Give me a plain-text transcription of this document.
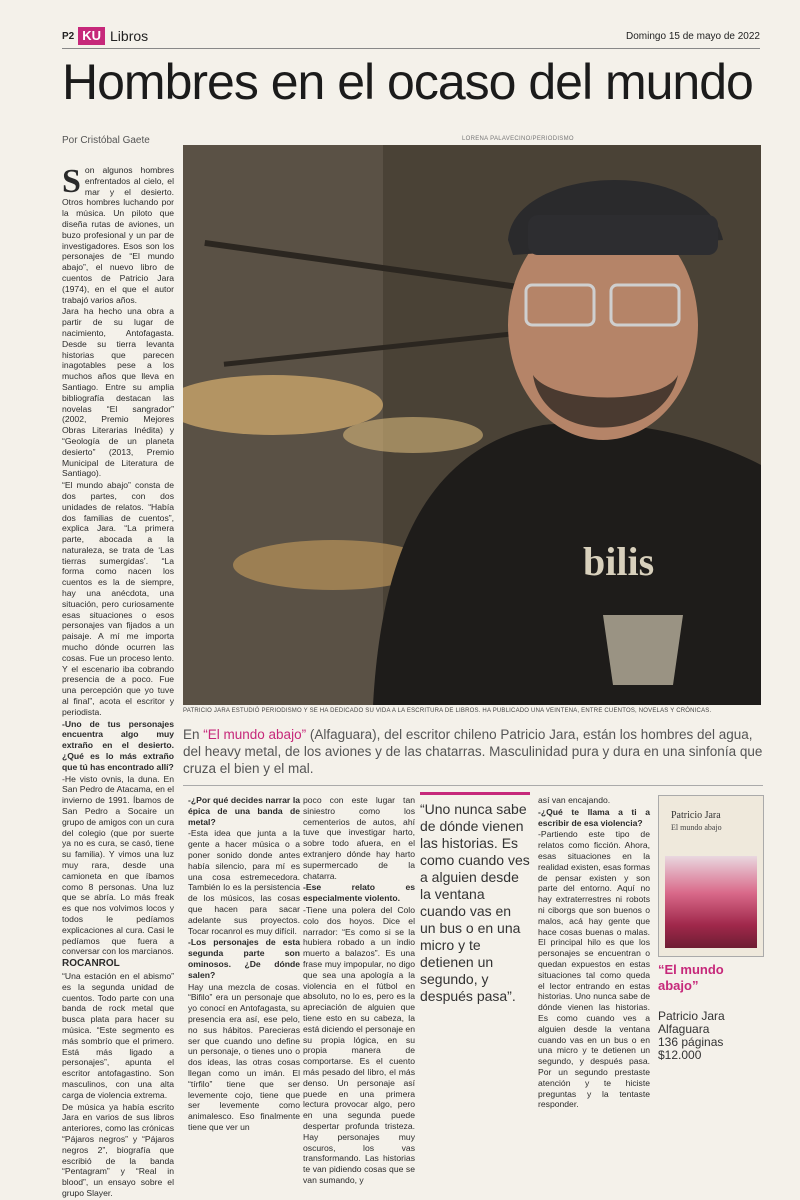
P2 KU Libros	Domingo 15 de mayo de 2022
Hombres en el ocaso del mundo
Por Cristóbal Gaete	LORENA PALAVECINO/PERIODISMO
bilis
PATRICIO JARA ESTUDIÓ PERIODISMO Y SE HA DEDICADO SU VIDA A LA ESCRITURA DE LIBROS. HA PUBLICADO UNA VEINTENA, ENTRE CUENTOS, NOVELAS Y CRÓNICAS.
En “El mundo abajo” (Alfaguara), del escritor chileno Patricio Jara, están los hombres del agua, del heavy metal, de los aviones y de las chatarras. Masculinidad pura y dura en una sinfonía que cruza el bien y el mal.

Son algunos hombres enfrentados al cielo, el mar y el desierto. Otros hombres luchando por la música. Un piloto que diseña rutas de aviones, un buzo profesional y un par de investigadores. Esos son los personajes de “El mundo abajo”, el nuevo libro de cuentos de Patricio Jara (1974), en el que el autor trabajó varios años.

Jara ha hecho una obra a partir de su lugar de nacimiento, Antofagasta. Desde su tierra levanta historias que parecen inagotables pese a los muchos años que lleva en Santiago. Entre su amplia bibliografía destacan las novelas “El sangrador” (2002, Premio Mejores Obras Literarias Inédita) y “Geología de un planeta desierto” (2013, Premio Municipal de Literatura de Santiago).

“El mundo abajo” consta de dos partes, con dos unidades de relatos. “Había dos familias de cuentos”, explica Jara. “La primera parte, abocada a la naturaleza, se trata de ‘Las tierras sumergidas’. “La forma como nacen los cuentos es la de siempre, hay una anécdota, una situación, pero curiosamente esas situaciones o esos personajes van fijados a un paisaje. A mí me importa mucho dónde ocurren las cosas. Fue un proceso lento. Y el escenario iba cobrando presencia de a poco. Fue una percepción que yo tuve al final”, acota el escritor y periodista.

-Uno de tus personajes encuentra algo muy extraño en el desierto. ¿Qué es lo más extraño que tú has encontrado allí?

-He visto ovnis, la duna. En San Pedro de Atacama, en el invierno de 1991. Íbamos de San Pedro a Socaire un grupo de amigos con un cura del colegio (que por suerte ya no es cura, se casó, tiene su familia). Y vimos una luz muy rara, desde una camioneta en que íbamos como 8 personas. Una luz que se abría. Lo más freak es que nos volvimos locos y todos le pedíamos explicaciones al cura. Casi le pedíamos que fuera a conversar con los marcianos.

ROCANROL

“Una estación en el abismo” es la segunda unidad de cuentos. Todo parte con una banda de rock metal que busca plata para hacer su música. “Este segmento es más sombrío que el primero. Está más ligado a personajes”, apunta el escritor antofagastino. Son masculinos, con una alta carga de violencia extrema.

De música ya había escrito Jara en varios de sus libros anteriores, como las crónicas “Pájaros negros” y “Pájaros negros 2”, biografía que escribió de la banda “Pentagram” y “Real in blood”, un ensayo sobre el grupo Slayer.

-¿Por qué decides narrar la épica de una banda de metal?

-Esta idea que junta a la gente a hacer música o a poner sonido donde antes había silencio, para mí es una cosa estremecedora. También lo es la persistencia de los músicos, las cosas que hacen para sacar adelante sus proyectos. Tocar rocanrol es muy difícil.

-Los personajes de esta segunda parte son ominosos. ¿De dónde salen?

Hay una mezcla de cosas. “Bifilo” era un personaje que yo conocí en Antofagasta, su presencia era así, ese pelo, no sus hábitos. Parecieras ser que cuando uno define un personaje, o tienes uno o dos ideas, las otras cosas llegan como un imán. El “tírfilo” tiene que ser levemente cojo, tiene que ser levemente como animalesco. Eso finalmente tiene que ver un

poco con este lugar tan siniestro como los cementerios de autos, ahí tuve que investigar harto, sobre todo afuera, en el extranjero dónde hay harto supermercado de la chatarra.

-Ese relato es especialmente violento.

-Tiene una polera del Colo colo dos hoyos. Dice el narrador: “Es como si se la hubiera robado a un indio muerto a balazos”. Es una frase muy impopular, no digo que sea una apología a la violencia en el fútbol en absoluto, no lo es, pero es la apreciación de alguien que tiene esto en su cabeza, la está diciendo el personaje en su propia lógica, en su propia manera de comportarse. Es el cuento más pesado del libro, el más denso. Un personaje así puede en una primera lectura provocar algo, pero en una segunda puede despertar profunda tristeza. Hay personajes muy oscuros, los vas transformando. Las historias te van pidiendo cosas que se van sumando, y

“Uno nunca sabe de dónde vienen las historias. Es como cuando ves a alguien desde la ventana cuando vas en un bus o en una micro y te detienen un segundo, y después pasa”.

así van encajando.

-¿Qué te llama a ti a escribir de esa violencia?

-Partiendo este tipo de relatos como ficción. Ahora, esas situaciones en la realidad existen, esas formas de pensar existen y son parte del entorno. Aquí no hay extraterrestres ni robots ni ciborgs que son buenos o malos, acá hay gente que hace cosas buenas o malas. El principal hilo es que los personajes se encuentran o quedan expuestos en estas situaciones tal como queda el lector entrando en estas historias. Uno nunca sabe de dónde vienen las historias. Es como cuando ves a alguien desde la ventana cuando vas en un bus o en una micro y te detienen un segundo, y después pasa. Por un segundo prestaste atención y te hiciste preguntas y la tentaste responder.

Patricio Jara
El mundo abajo
“El mundo abajo”
Patricio Jara
Alfaguara
136 páginas
$12.000
